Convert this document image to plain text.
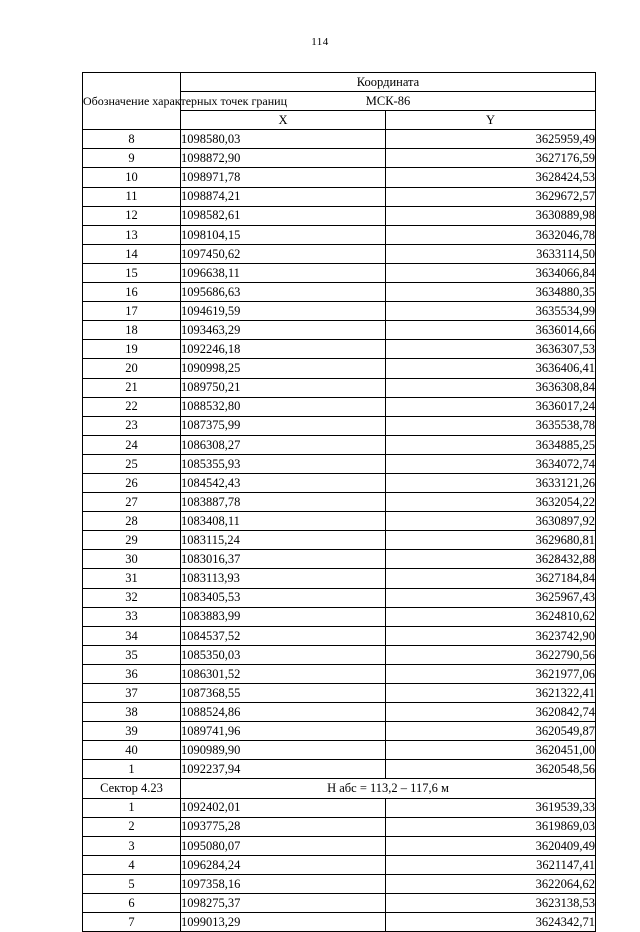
114
Обозначение характерных точек границ	Координата	
	МСК-86	
	X	Y
8	1098580,03	3625959,49
9	1098872,90	3627176,59
10	1098971,78	3628424,53
11	1098874,21	3629672,57
12	1098582,61	3630889,98
13	1098104,15	3632046,78
14	1097450,62	3633114,50
15	1096638,11	3634066,84
16	1095686,63	3634880,35
17	1094619,59	3635534,99
18	1093463,29	3636014,66
19	1092246,18	3636307,53
20	1090998,25	3636406,41
21	1089750,21	3636308,84
22	1088532,80	3636017,24
23	1087375,99	3635538,78
24	1086308,27	3634885,25
25	1085355,93	3634072,74
26	1084542,43	3633121,26
27	1083887,78	3632054,22
28	1083408,11	3630897,92
29	1083115,24	3629680,81
30	1083016,37	3628432,88
31	1083113,93	3627184,84
32	1083405,53	3625967,43
33	1083883,99	3624810,62
34	1084537,52	3623742,90
35	1085350,03	3622790,56
36	1086301,52	3621977,06
37	1087368,55	3621322,41
38	1088524,86	3620842,74
39	1089741,96	3620549,87
40	1090989,90	3620451,00
1	1092237,94	3620548,56
Сектор 4.23	Н абс = 113,2 – 117,6 м	
1	1092402,01	3619539,33
2	1093775,28	3619869,03
3	1095080,07	3620409,49
4	1096284,24	3621147,41
5	1097358,16	3622064,62
6	1098275,37	3623138,53
7	1099013,29	3624342,71
